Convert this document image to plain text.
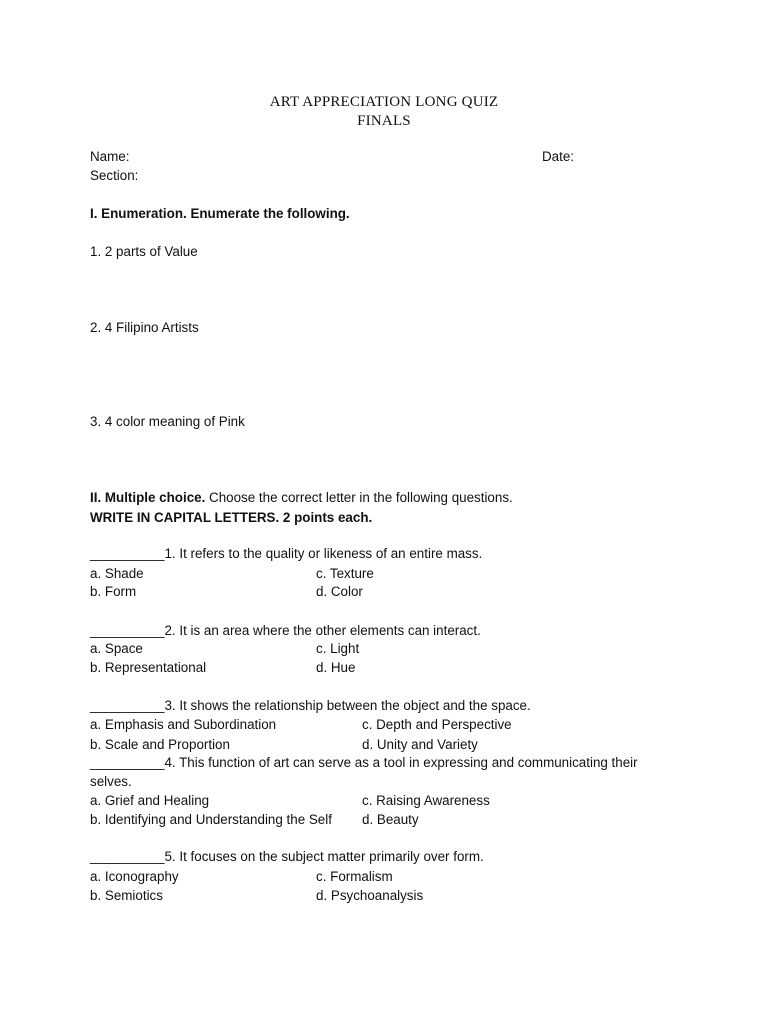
ART APPRECIATION LONG QUIZ
FINALS
Name:	Date:
Section:
I. Enumeration. Enumerate the following.
1. 2 parts of Value
2. 4 Filipino Artists
3. 4 color meaning of Pink
II. Multiple choice. Choose the correct letter in the following questions.
WRITE IN CAPITAL LETTERS. 2 points each.
__________1. It refers to the quality or likeness of an entire mass.
a. Shade	c. Texture
b. Form	d. Color
__________2. It is an area where the other elements can interact.
a. Space	c. Light
b. Representational	d. Hue
__________3. It shows the relationship between the object and the space.
a. Emphasis and Subordination	c. Depth and Perspective
b. Scale and Proportion	d. Unity and Variety
__________4. This function of art can serve as a tool in expressing and communicating their
selves.
a. Grief and Healing	c. Raising Awareness
b. Identifying and Understanding the Self d. Beauty
__________5. It focuses on the subject matter primarily over form.
a. Iconography	c. Formalism
b. Semiotics	d. Psychoanalysis
